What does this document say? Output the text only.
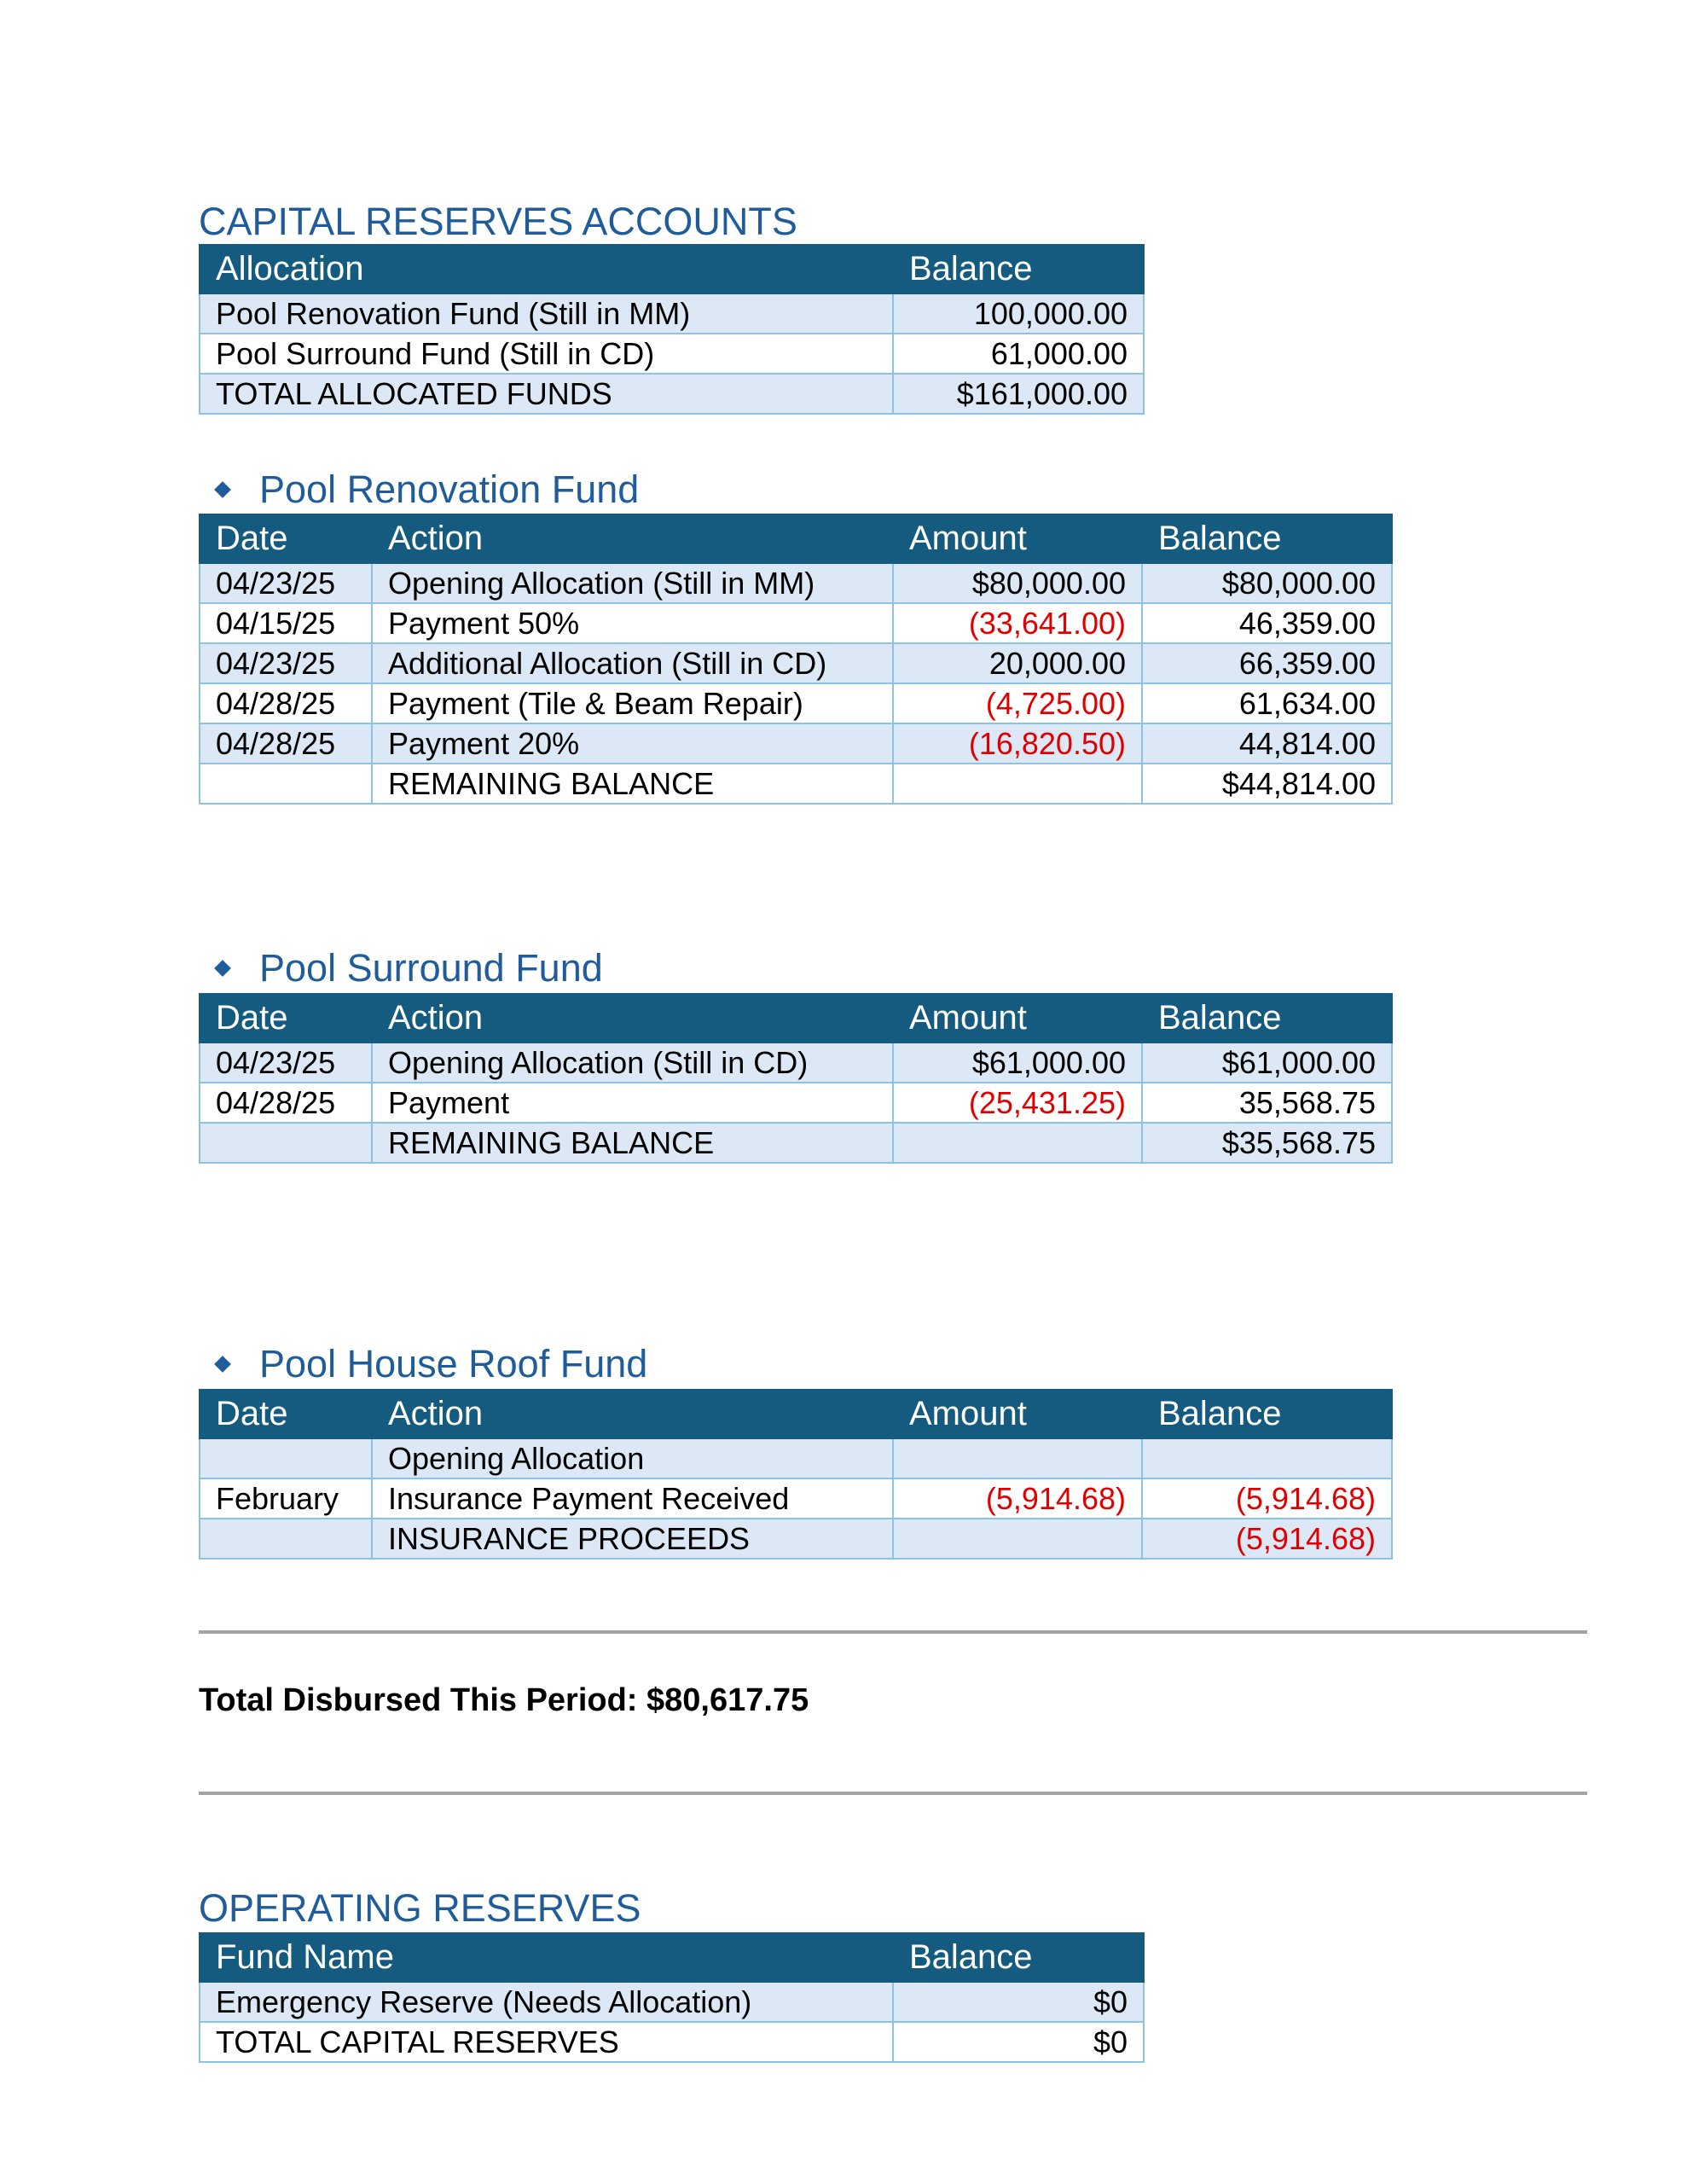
CAPITAL RESERVES ACCOUNTS
Allocation	Balance
Pool Renovation Fund (Still in MM)	100,000.00
Pool Surround Fund (Still in CD)	61,000.00
TOTAL ALLOCATED FUNDS	$161,000.00
Pool Renovation Fund
Date	Action	Amount	Balance
04/23/25	Opening Allocation (Still in MM)	$80,000.00	$80,000.00
04/15/25	Payment 50%	(33,641.00)	46,359.00
04/23/25	Additional Allocation (Still in CD)	20,000.00	66,359.00
04/28/25	Payment (Tile & Beam Repair)	(4,725.00)	61,634.00
04/28/25	Payment 20%	(16,820.50)	44,814.00
	REMAINING BALANCE		$44,814.00
Pool Surround Fund
Date	Action	Amount	Balance
04/23/25	Opening Allocation (Still in CD)	$61,000.00	$61,000.00
04/28/25	Payment	(25,431.25)	35,568.75
	REMAINING BALANCE		$35,568.75
Pool House Roof Fund
Date	Action	Amount	Balance
	Opening Allocation		
February	Insurance Payment Received	(5,914.68)	(5,914.68)
	INSURANCE PROCEEDS		(5,914.68)
Total Disbursed This Period: $80,617.75
OPERATING RESERVES
Fund Name	Balance
Emergency Reserve (Needs Allocation)	$0
TOTAL CAPITAL RESERVES	$0
